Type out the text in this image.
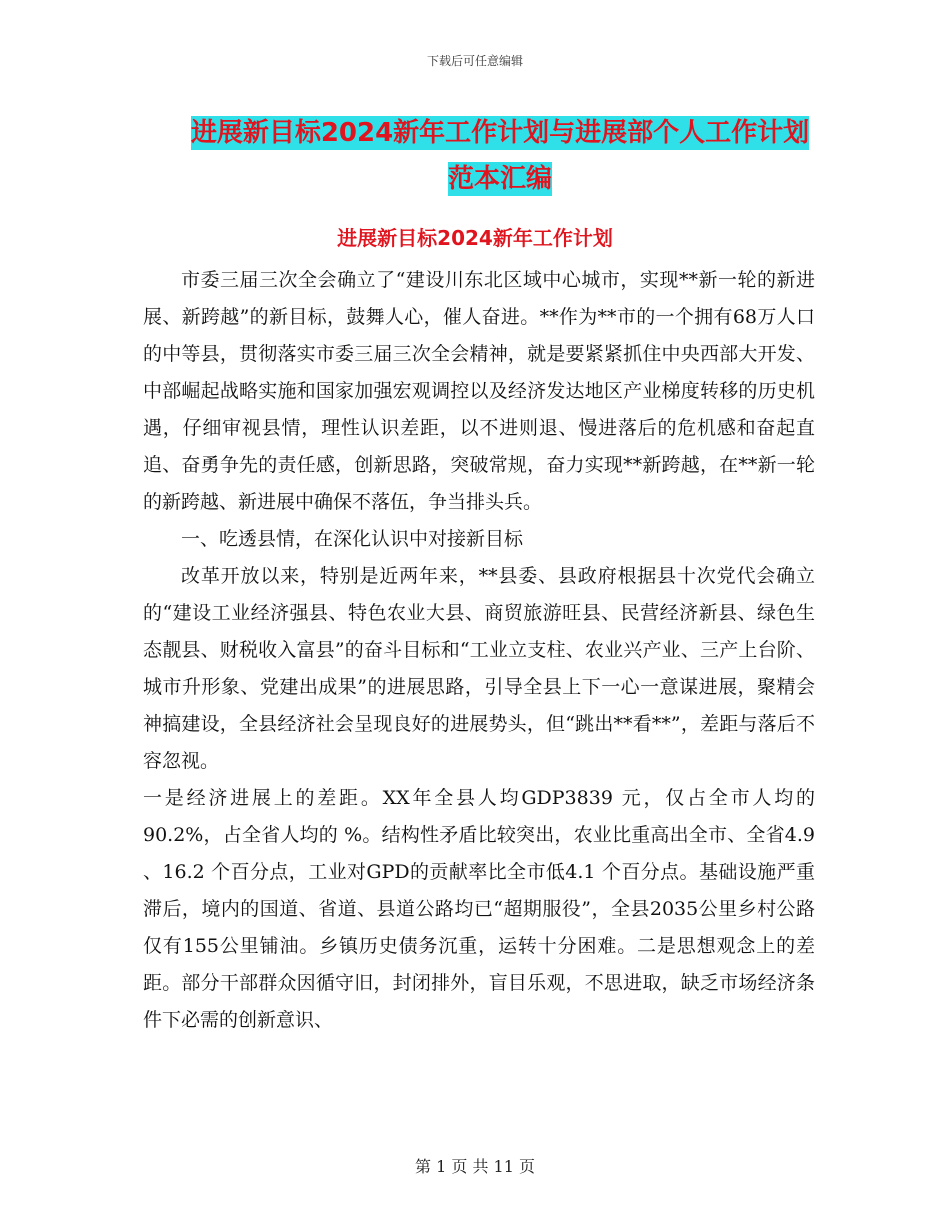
下载后可任意编辑
进展新目标2024新年工作计划与进展部个人工作计划
范本汇编
进展新目标2024新年工作计划

市委三届三次全会确立了“建设川东北区域中心城市，实现**新一轮的新进展、新跨越”的新目标，鼓舞人心，催人奋进。**作为**市的一个拥有68万人口的中等县，贯彻落实市委三届三次全会精神，就是要紧紧抓住中央西部大开发、中部崛起战略实施和国家加强宏观调控以及经济发达地区产业梯度转移的历史机遇，仔细审视县情，理性认识差距，以不进则退、慢进落后的危机感和奋起直追、奋勇争先的责任感，创新思路，突破常规，奋力实现**新跨越，在**新一轮的新跨越、新进展中确保不落伍，争当排头兵。

一、吃透县情，在深化认识中对接新目标

改革开放以来，特别是近两年来，**县委、县政府根据县十次党代会确立的“建设工业经济强县、特色农业大县、商贸旅游旺县、民营经济新县、绿色生态靓县、财税收入富县”的奋斗目标和“工业立支柱、农业兴产业、三产上台阶、城市升形象、党建出成果”的进展思路，引导全县上下一心一意谋进展，聚精会神搞建设，全县经济社会呈现良好的进展势头，但“跳出**看**”，差距与落后不容忽视。

一是经济进展上的差距。XX年全县人均GDP3839 元，仅占全市人均的90.2%，占全省人均的 %。结构性矛盾比较突出，农业比重高出全市、全省4.9 、16.2 个百分点，工业对GPD的贡献率比全市低4.1 个百分点。基础设施严重滞后，境内的国道、省道、县道公路均已“超期服役”，全县2035公里乡村公路仅有155公里铺油。乡镇历史债务沉重，运转十分困难。二是思想观念上的差距。部分干部群众因循守旧，封闭排外，盲目乐观，不思进取，缺乏市场经济条件下必需的创新意识、

第 1 页 共 11 页
